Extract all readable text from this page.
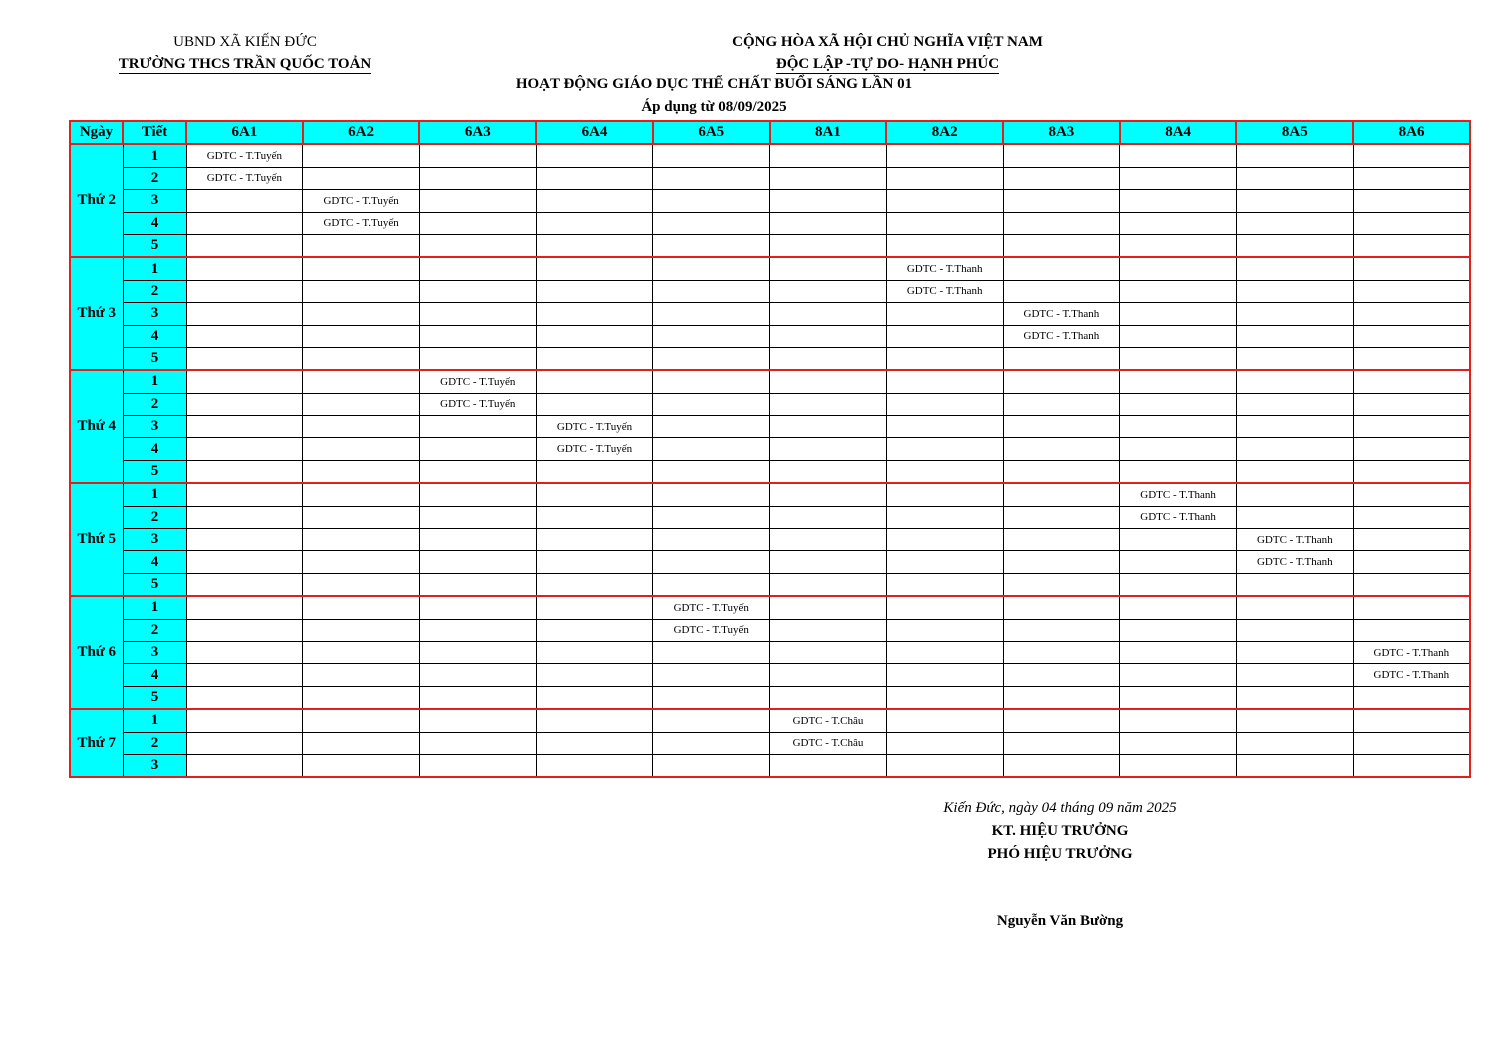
UBND XÃ KIẾN ĐỨC
TRƯỜNG THCS TRẦN QUỐC TOẢN
CỘNG HÒA XÃ HỘI CHỦ NGHĨA VIỆT NAM
ĐỘC LẬP -TỰ DO- HẠNH PHÚC
HOẠT ĐỘNG GIÁO DỤC THỂ CHẤT BUỔI SÁNG LẦN 01
Áp dụng từ 08/09/2025
Ngày	Tiết	6A1	6A2	6A3	6A4	6A5	8A1	8A2	8A3	8A4	8A5	8A6
Thứ 2	1	GDTC - T.Tuyến										
	2	GDTC - T.Tuyến										
	3		GDTC - T.Tuyến									
	4		GDTC - T.Tuyến									
	5											
Thứ 3	1							GDTC - T.Thanh				
	2							GDTC - T.Thanh				
	3								GDTC - T.Thanh			
	4								GDTC - T.Thanh			
	5											
Thứ 4	1			GDTC - T.Tuyến								
	2			GDTC - T.Tuyến								
	3				GDTC - T.Tuyến							
	4				GDTC - T.Tuyến							
	5											
Thứ 5	1									GDTC - T.Thanh		
	2									GDTC - T.Thanh		
	3										GDTC - T.Thanh	
	4										GDTC - T.Thanh	
	5											
Thứ 6	1					GDTC - T.Tuyến						
	2					GDTC - T.Tuyến						
	3											GDTC - T.Thanh
	4											GDTC - T.Thanh
	5											
Thứ 7	1						GDTC - T.Châu					
	2						GDTC - T.Châu					
	3											
Kiến Đức, ngày 04 tháng 09 năm 2025
KT. HIỆU TRƯỞNG
PHÓ HIỆU TRƯỞNG
Nguyễn Văn Bường
